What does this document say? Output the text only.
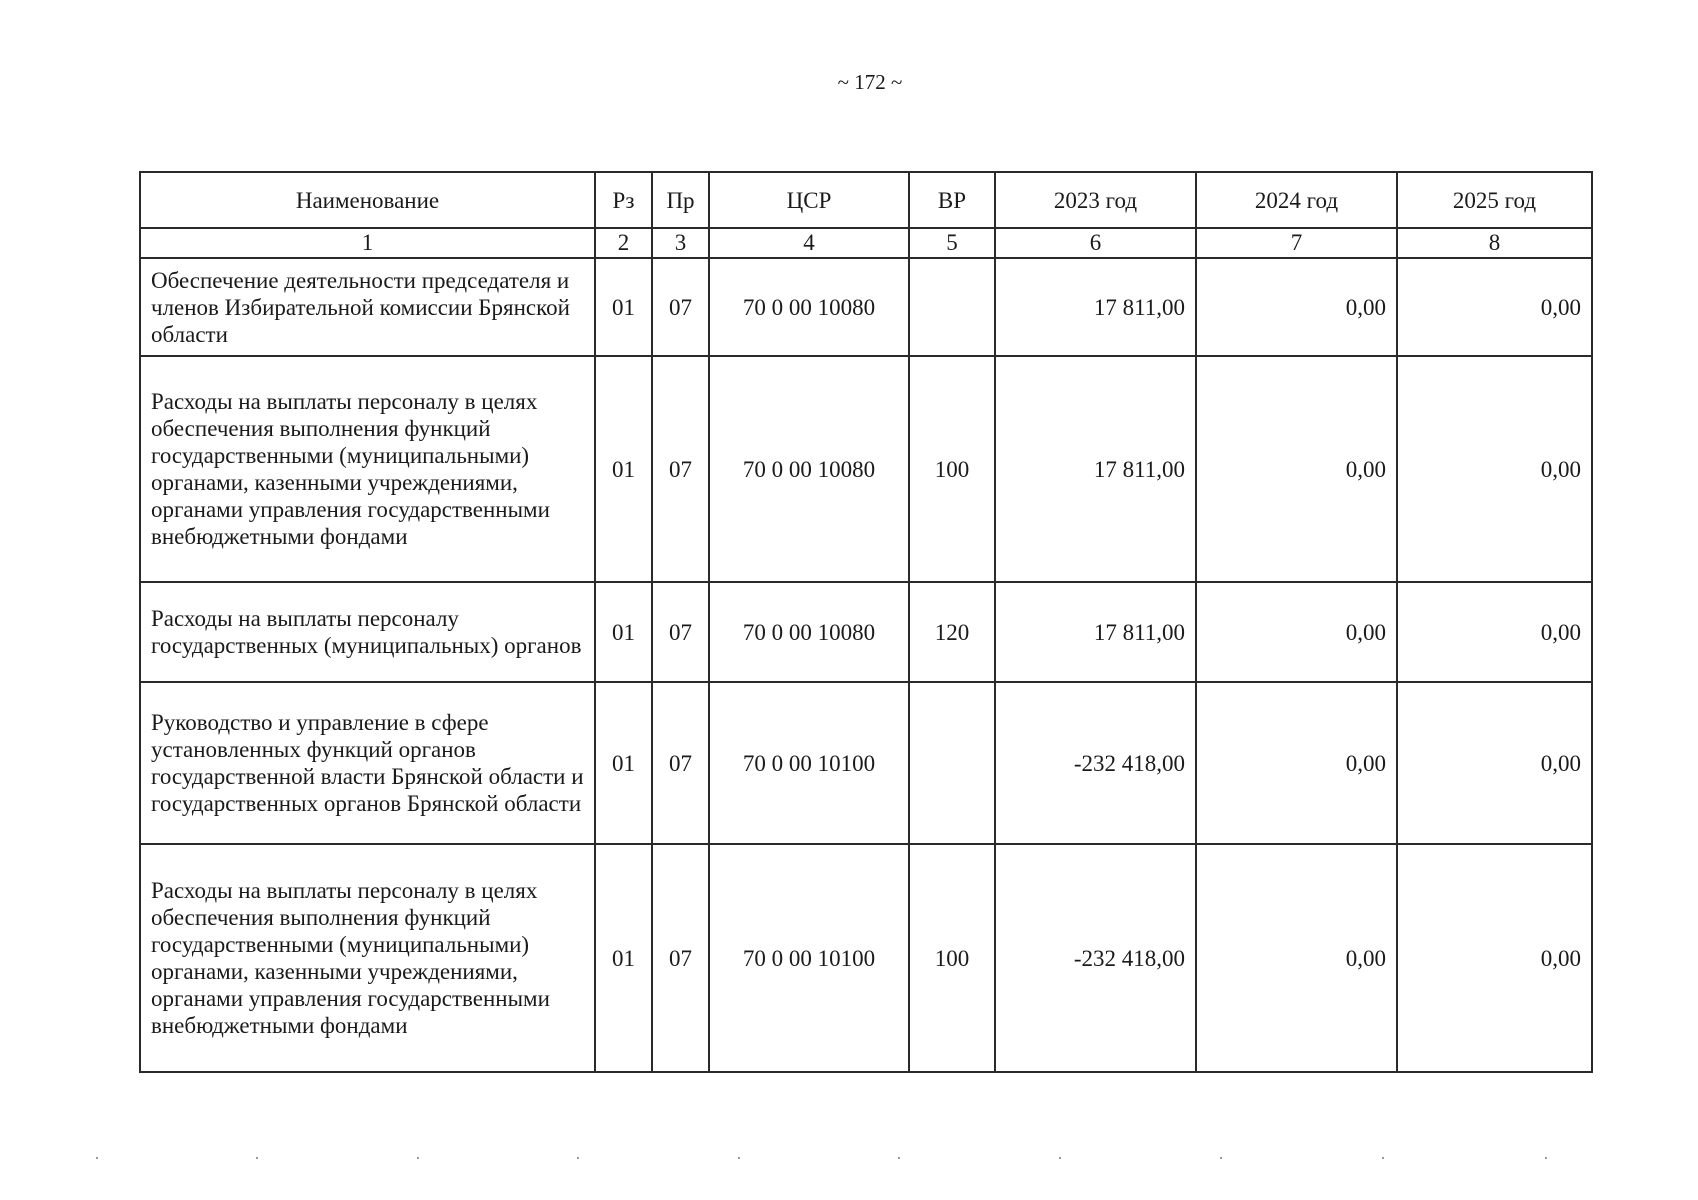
~ 172 ~
Наименование	Рз	Пр	ЦСР	ВР	2023 год	2024 год	2025 год
1	2	3	4	5	6	7	8
Обеспечение деятельности председателя и членов Избирательной комиссии Брянской области	01	07	70 0 00 10080		17 811,00	0,00	0,00
Расходы на выплаты персоналу в целях обеспечения выполнения функций государственными (муниципальными) органами, казенными учреждениями, органами управления государственными внебюджетными фондами	01	07	70 0 00 10080	100	17 811,00	0,00	0,00
Расходы на выплаты персоналу государственных (муниципальных) органов	01	07	70 0 00 10080	120	17 811,00	0,00	0,00
Руководство и управление в сфере установленных функций органов государственной власти Брянской области и государственных органов Брянской области	01	07	70 0 00 10100		-232 418,00	0,00	0,00
Расходы на выплаты персоналу в целях обеспечения выполнения функций государственными (муниципальными) органами, казенными учреждениями, органами управления государственными внебюджетными фондами	01	07	70 0 00 10100	100	-232 418,00	0,00	0,00
